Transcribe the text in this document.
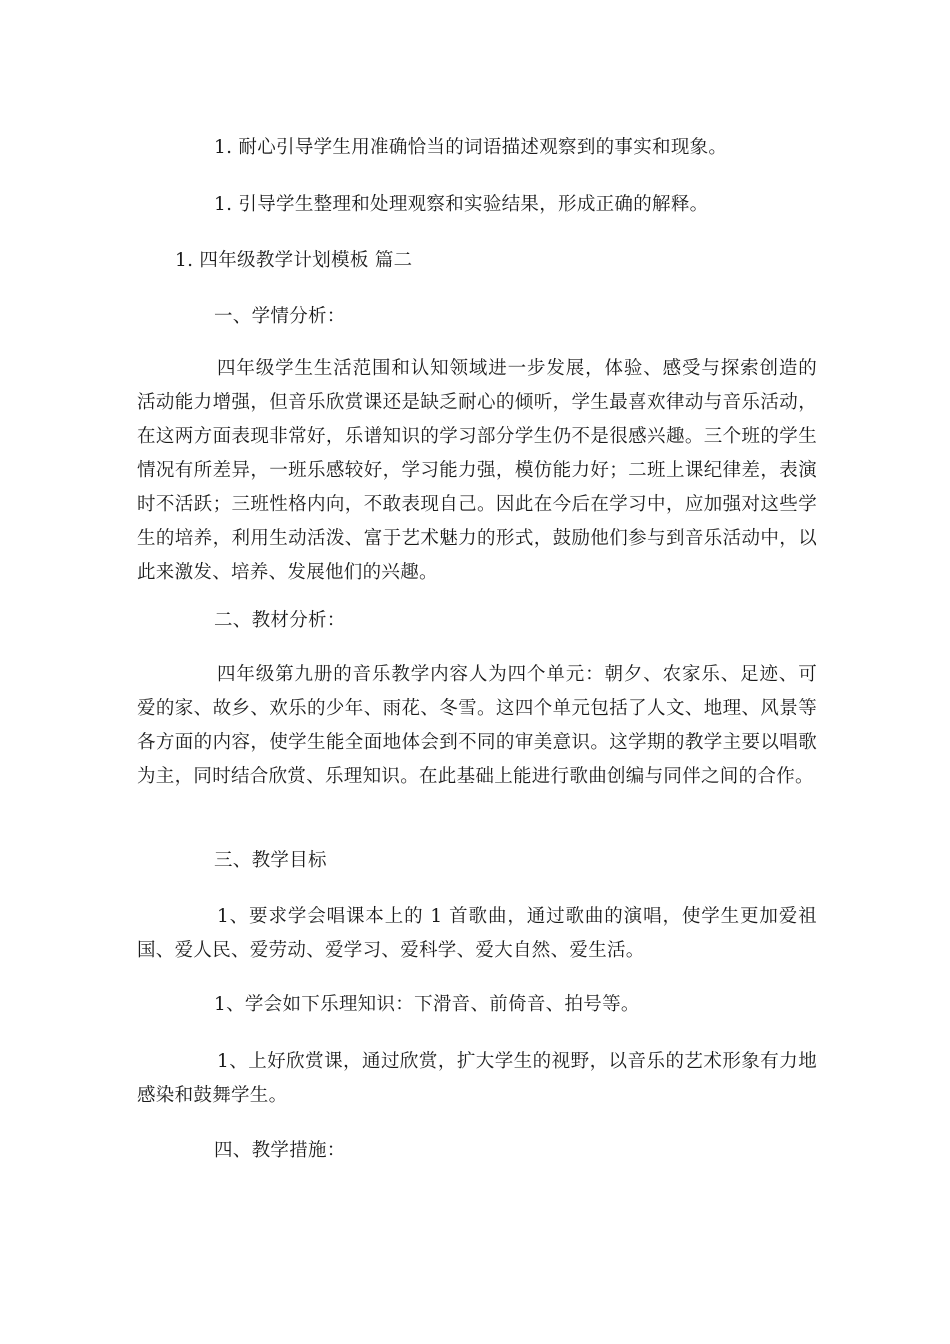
1. 耐心引导学生用准确恰当的词语描述观察到的事实和现象。
1. 引导学生整理和处理观察和实验结果，形成正确的解释。
1. 四年级教学计划模板 篇二
一、学情分析：
四年级学生生活范围和认知领域进一步发展，体验、感受与探索创造的活动能力增强，但音乐欣赏课还是缺乏耐心的倾听，学生最喜欢律动与音乐活动，在这两方面表现非常好，乐谱知识的学习部分学生仍不是很感兴趣。三个班的学生情况有所差异，一班乐感较好，学习能力强，模仿能力好；二班上课纪律差，表演时不活跃；三班性格内向，不敢表现自己。因此在今后在学习中，应加强对这些学生的培养，利用生动活泼、富于艺术魅力的形式，鼓励他们参与到音乐活动中，以此来激发、培养、发展他们的兴趣。
二、教材分析：
四年级第九册的音乐教学内容人为四个单元：朝夕、农家乐、足迹、可爱的家、故乡、欢乐的少年、雨花、冬雪。这四个单元包括了人文、地理、风景等各方面的内容，使学生能全面地体会到不同的审美意识。这学期的教学主要以唱歌为主，同时结合欣赏、乐理知识。在此基础上能进行歌曲创编与同伴之间的合作。
三、教学目标
1、要求学会唱课本上的 1 首歌曲，通过歌曲的演唱，使学生更加爱祖国、爱人民、爱劳动、爱学习、爱科学、爱大自然、爱生活。
1、学会如下乐理知识：下滑音、前倚音、拍号等。
1、上好欣赏课，通过欣赏，扩大学生的视野，以音乐的艺术形象有力地感染和鼓舞学生。
四、教学措施：
